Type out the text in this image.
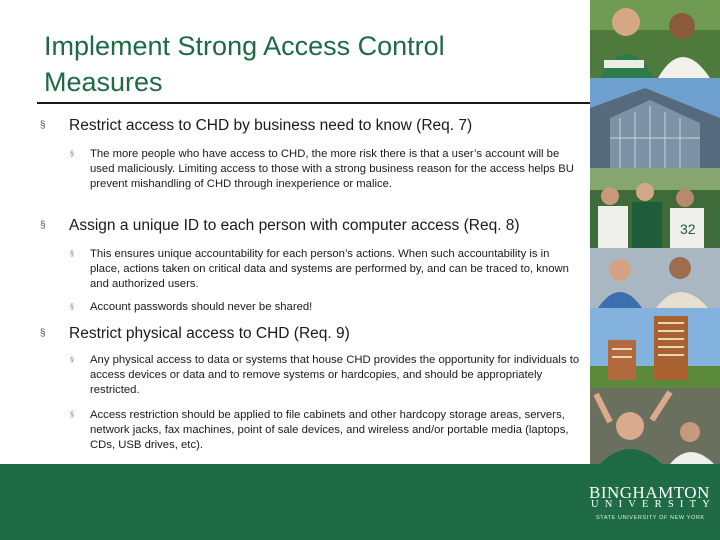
Implement Strong Access Control
Measures
§ Restrict access to CHD by business need to know (Req. 7)
§ The more people who have access to CHD, the more risk there is that a user’s account will be used maliciously. Limiting access to those with a strong business reason for the access helps BU prevent mishandling of CHD through inexperience or malice.
§ Assign a unique ID to each person with computer access (Req. 8)
§ This ensures unique accountability for each person’s actions. When such accountability is in place, actions taken on critical data and systems are performed by, and can be traced to, known and authorized users.
§ Account passwords should never be shared!
§ Restrict physical access to CHD (Req. 9)
§ Any physical access to data or systems that house CHD provides the opportunity for individuals to access devices or data and to remove systems or hardcopies, and should be appropriately restricted.
§ Access restriction should be applied to file cabinets and other hardcopy storage areas, servers, network jacks, fax machines, point of sale devices, and wireless and/or portable media (laptops, CDs, USB drives, etc).
32
BINGHAMTON
UNIVERSITY
STATE UNIVERSITY OF NEW YORK
